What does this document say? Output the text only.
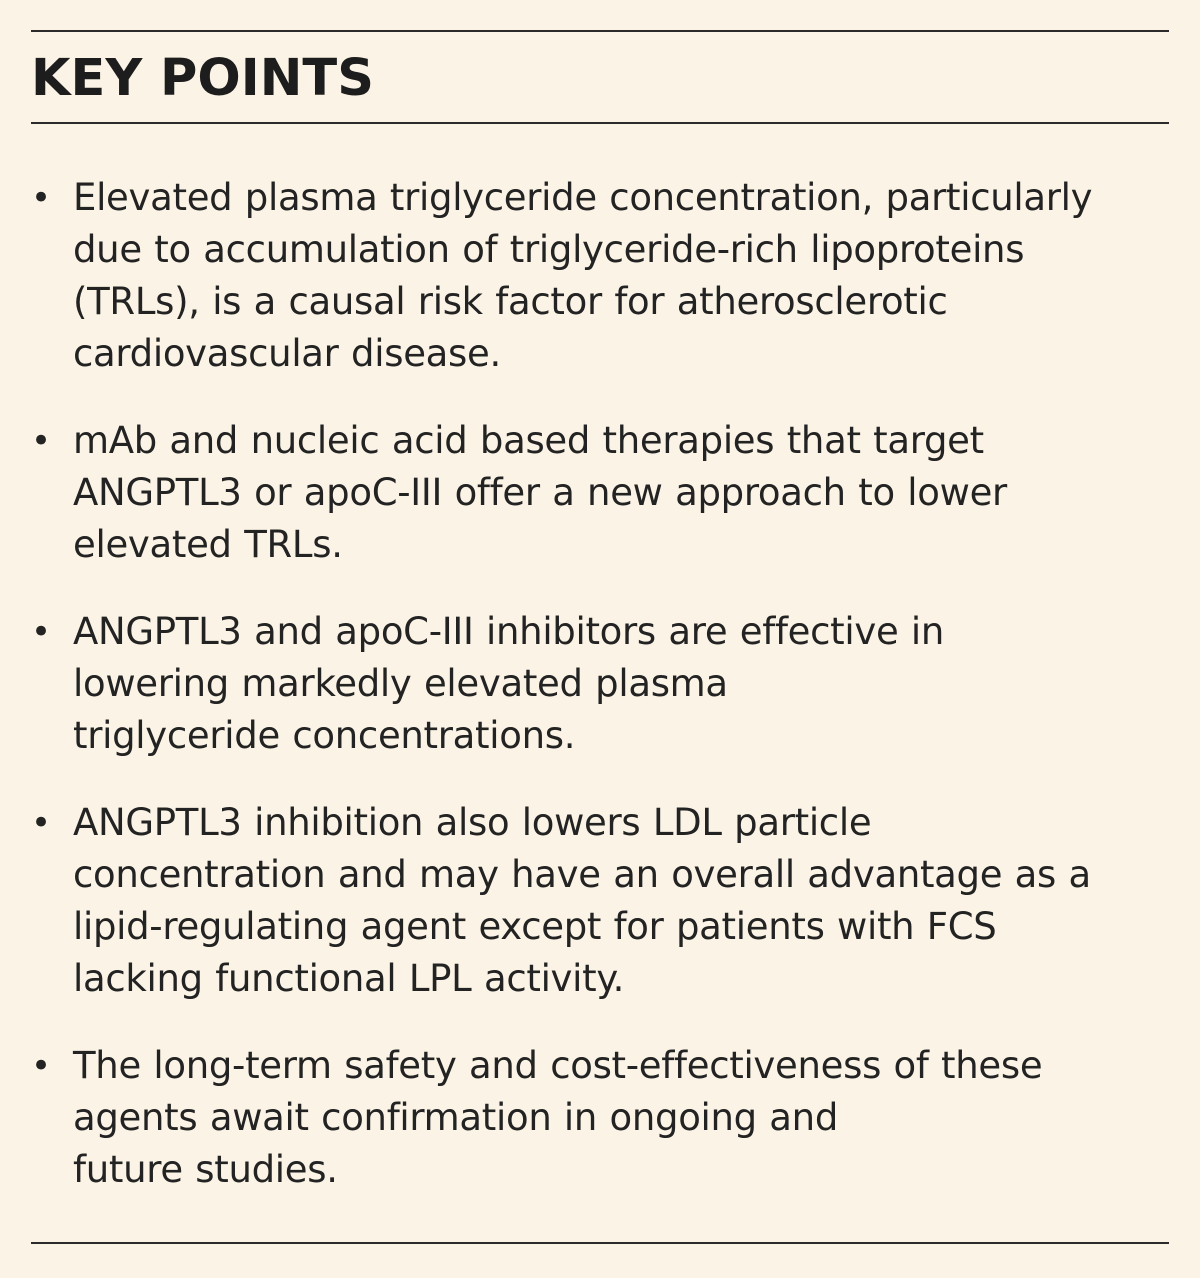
KEY POINTS
• Elevated plasma triglyceride concentration, particularly
due to accumulation of triglyceride-rich lipoproteins
(TRLs), is a causal risk factor for atherosclerotic
cardiovascular disease.
• mAb and nucleic acid based therapies that target
ANGPTL3 or apoC-III offer a new approach to lower
elevated TRLs.
• ANGPTL3 and apoC-III inhibitors are effective in
lowering markedly elevated plasma
triglyceride concentrations.
• ANGPTL3 inhibition also lowers LDL particle
concentration and may have an overall advantage as a
lipid-regulating agent except for patients with FCS
lacking functional LPL activity.
• The long-term safety and cost-effectiveness of these
agents await confirmation in ongoing and
future studies.
